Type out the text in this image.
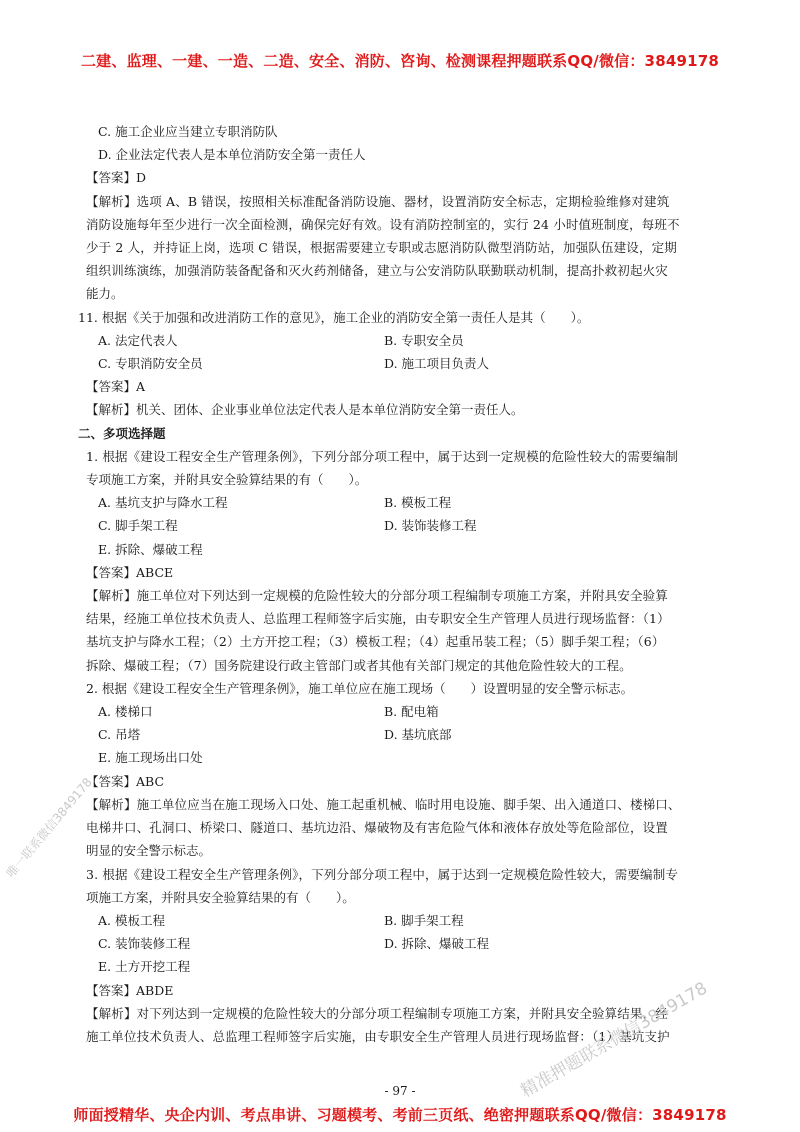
二建、监理、一建、一造、二造、安全、消防、咨询、检测课程押题联系QQ/微信：3849178
C. 施工企业应当建立专职消防队
D. 企业法定代表人是本单位消防安全第一责任人
【答案】D
【解析】选项 A、B 错误，按照相关标准配备消防设施、器材，设置消防安全标志，定期检验维修对建筑
消防设施每年至少进行一次全面检测，确保完好有效。设有消防控制室的，实行 24 小时值班制度，每班不
少于 2 人，并持证上岗，选项 C 错误，根据需要建立专职或志愿消防队微型消防站，加强队伍建设，定期
组织训练演练，加强消防装备配备和灭火药剂储备，建立与公安消防队联勤联动机制，提高扑救初起火灾
能力。
11. 根据《关于加强和改进消防工作的意见》，施工企业的消防安全第一责任人是其（　　）。
A. 法定代表人	B. 专职安全员
C. 专职消防安全员	D. 施工项目负责人
【答案】A
【解析】机关、团体、企业事业单位法定代表人是本单位消防安全第一责任人。
二、多项选择题
1. 根据《建设工程安全生产管理条例》，下列分部分项工程中，属于达到一定规模的危险性较大的需要编制
专项施工方案，并附具安全验算结果的有（　　）。
A. 基坑支护与降水工程	B. 模板工程
C. 脚手架工程	D. 装饰装修工程
E. 拆除、爆破工程
【答案】ABCE
【解析】施工单位对下列达到一定规模的危险性较大的分部分项工程编制专项施工方案，并附具安全验算
结果，经施工单位技术负责人、总监理工程师签字后实施，由专职安全生产管理人员进行现场监督：（1）
基坑支护与降水工程；（2）土方开挖工程；（3）模板工程；（4）起重吊装工程；（5）脚手架工程；（6）
拆除、爆破工程；（7）国务院建设行政主管部门或者其他有关部门规定的其他危险性较大的工程。
2. 根据《建设工程安全生产管理条例》，施工单位应在施工现场（　　）设置明显的安全警示标志。
A. 楼梯口	B. 配电箱
C. 吊塔	D. 基坑底部
E. 施工现场出口处
【答案】ABC
【解析】施工单位应当在施工现场入口处、施工起重机械、临时用电设施、脚手架、出入通道口、楼梯口、
电梯井口、孔洞口、桥梁口、隧道口、基坑边沿、爆破物及有害危险气体和液体存放处等危险部位，设置
明显的安全警示标志。
3. 根据《建设工程安全生产管理条例》，下列分部分项工程中，属于达到一定规模危险性较大，需要编制专
项施工方案，并附具安全验算结果的有（　　）。
A. 模板工程	B. 脚手架工程
C. 装饰装修工程	D. 拆除、爆破工程
E. 土方开挖工程
【答案】ABDE
【解析】对下列达到一定规模的危险性较大的分部分项工程编制专项施工方案，并附具安全验算结果，经
施工单位技术负责人、总监理工程师签字后实施，由专职安全生产管理人员进行现场监督：（1）基坑支护
唯一联系微信3849178
精准押题联系微信3849178
- 97 -
师面授精华、央企内训、考点串讲、习题模考、考前三页纸、绝密押题联系QQ/微信：3849178
